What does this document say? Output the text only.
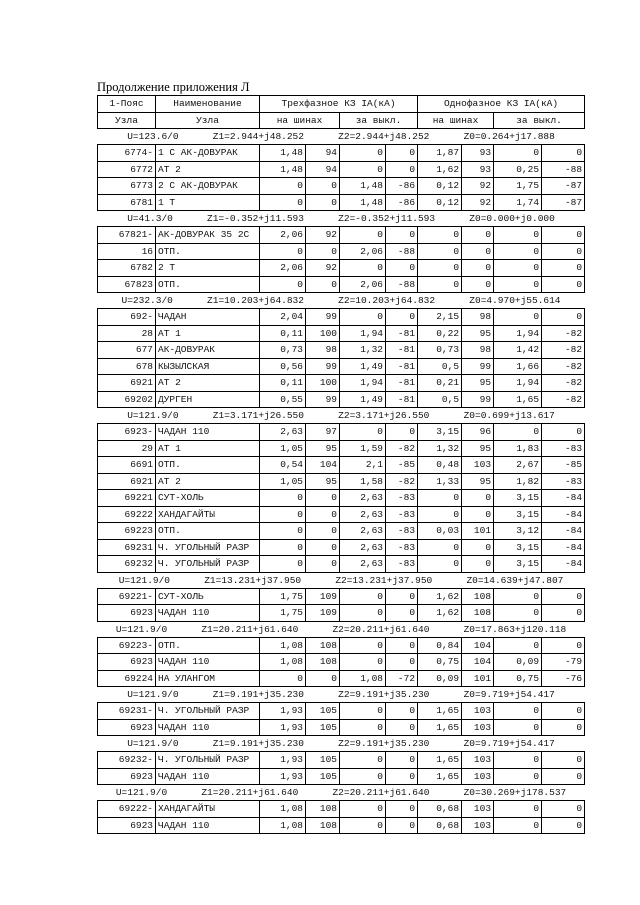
Продолжение приложения Л
1-Пояс	Наименование	Трехфазное КЗ IA(кА)				Однофазное КЗ IA(кА)			
Узла	Узла	на шинах		за выкл.		на шинах		за выкл.	
U=123.6/0      Z1=2.944+j48.252      Z2=2.944+j48.252      Z0=0.264+j17.888									
6774-	1 С АК-ДОВУРАК	1,48	94	0	0	1,87	93	0	0
6772	АТ 2	1,48	94	0	0	1,62	93	0,25	-88
6773	2 С АК-ДОВУРАК	0	0	1,48	-86	0,12	92	1,75	-87
6781	1 Т	0	0	1,48	-86	0,12	92	1,74	-87
U=41.3/0      Z1=-0.352+j11.593      Z2=-0.352+j11.593      Z0=0.000+j0.000									
67821-	АК-ДОВУРАК 35 2С	2,06	92	0	0	0	0	0	0
16	ОТП.	0	0	2,06	-88	0	0	0	0
6782	2 Т	2,06	92	0	0	0	0	0	0
67823	ОТП.	0	0	2,06	-88	0	0	0	0
U=232.3/0      Z1=10.203+j64.832      Z2=10.203+j64.832      Z0=4.970+j55.614									
692-	ЧАДАН	2,04	99	0	0	2,15	98	0	0
28	АТ 1	0,11	100	1,94	-81	0,22	95	1,94	-82
677	АК-ДОВУРАК	0,73	98	1,32	-81	0,73	98	1,42	-82
678	КЫЗЫЛСКАЯ	0,56	99	1,49	-81	0,5	99	1,66	-82
6921	АТ 2	0,11	100	1,94	-81	0,21	95	1,94	-82
69202	ДУРГЕН	0,55	99	1,49	-81	0,5	99	1,65	-82
U=121.9/0      Z1=3.171+j26.550      Z2=3.171+j26.550      Z0=0.699+j13.617									
6923-	ЧАДАН 110	2,63	97	0	0	3,15	96	0	0
29	АТ 1	1,05	95	1,59	-82	1,32	95	1,83	-83
6691	ОТП.	0,54	104	2,1	-85	0,48	103	2,67	-85
6921	АТ 2	1,05	95	1,58	-82	1,33	95	1,82	-83
69221	СУТ-ХОЛЬ	0	0	2,63	-83	0	0	3,15	-84
69222	ХАНДАГАЙТЫ	0	0	2,63	-83	0	0	3,15	-84
69223	ОТП.	0	0	2,63	-83	0,03	101	3,12	-84
69231	Ч. УГОЛЬНЫЙ РАЗР	0	0	2,63	-83	0	0	3,15	-84
69232	Ч. УГОЛЬНЫЙ РАЗР	0	0	2,63	-83	0	0	3,15	-84
U=121.9/0      Z1=13.231+j37.950      Z2=13.231+j37.950      Z0=14.639+j47.807									
69221-	СУТ-ХОЛЬ	1,75	109	0	0	1,62	108	0	0
6923	ЧАДАН 110	1,75	109	0	0	1,62	108	0	0
U=121.9/0      Z1=20.211+j61.640      Z2=20.211+j61.640      Z0=17.863+j120.118									
69223-	ОТП.	1,08	108	0	0	0,84	104	0	0
6923	ЧАДАН 110	1,08	108	0	0	0,75	104	0,09	-79
69224	НА УЛАНГОМ	0	0	1,08	-72	0,09	101	0,75	-76
U=121.9/0      Z1=9.191+j35.230      Z2=9.191+j35.230      Z0=9.719+j54.417									
69231-	Ч. УГОЛЬНЫЙ РАЗР	1,93	105	0	0	1,65	103	0	0
6923	ЧАДАН 110	1,93	105	0	0	1,65	103	0	0
U=121.9/0      Z1=9.191+j35.230      Z2=9.191+j35.230      Z0=9.719+j54.417									
69232-	Ч. УГОЛЬНЫЙ РАЗР	1,93	105	0	0	1,65	103	0	0
6923	ЧАДАН 110	1,93	105	0	0	1,65	103	0	0
U=121.9/0      Z1=20.211+j61.640      Z2=20.211+j61.640      Z0=30.269+j178.537									
69222-	ХАНДАГАЙТЫ	1,08	108	0	0	0,68	103	0	0
6923	ЧАДАН 110	1,08	108	0	0	0,68	103	0	0
